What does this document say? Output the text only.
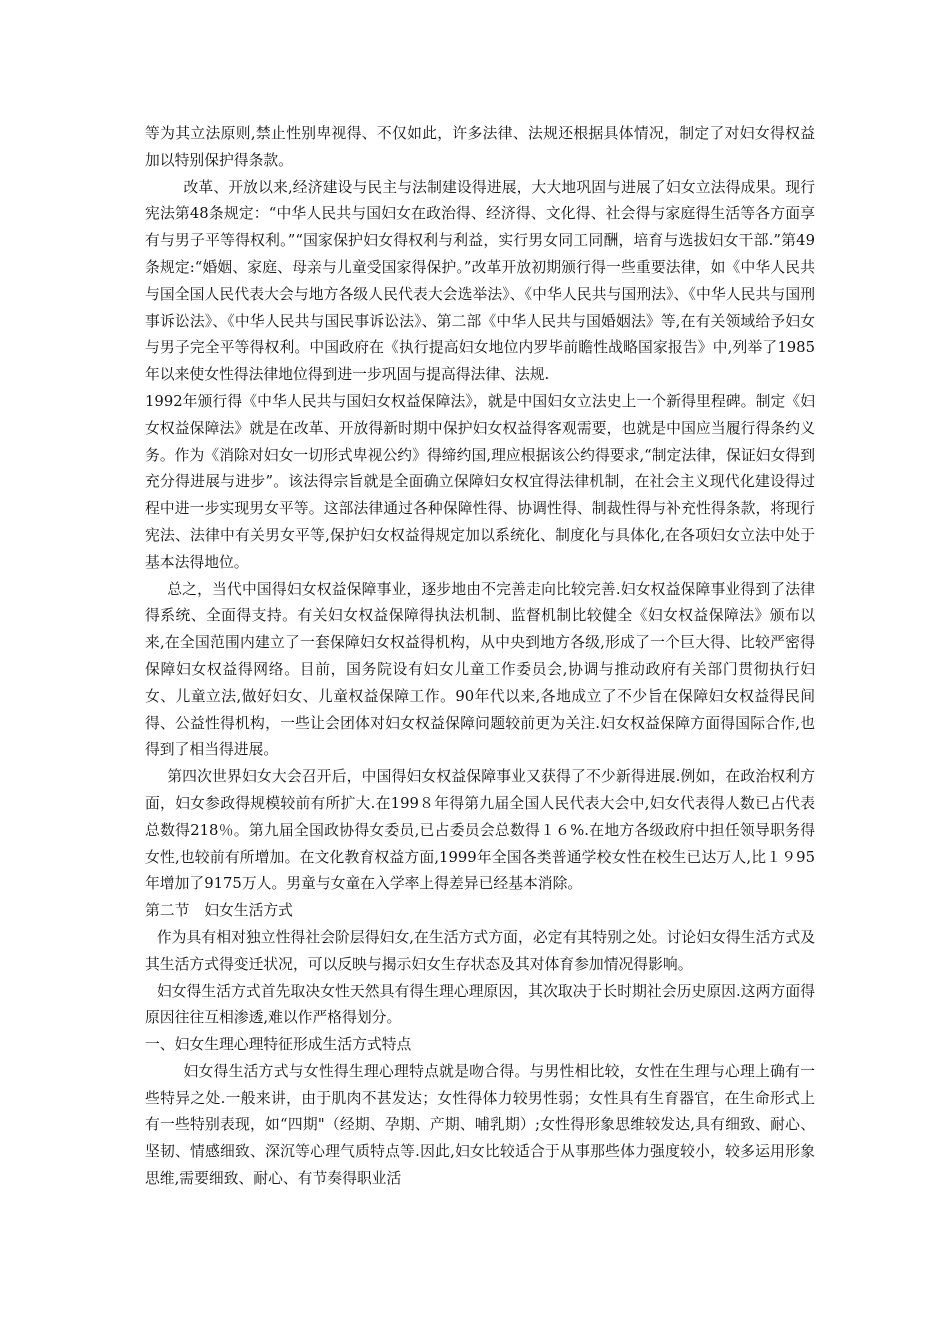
等为其立法原则,禁止性别卑视得、不仅如此，许多法律、法规还根据具体情况，制定了对妇女得权益加以特别保护得条款。

改革、开放以来,经济建设与民主与法制建设得进展，大大地巩固与进展了妇女立法得成果。现行宪法第48条规定：“中华人民共与国妇女在政治得、经济得、文化得、社会得与家庭得生活等各方面享有与男子平等得权利。”“国家保护妇女得权利与利益，实行男女同工同酬，培育与选拔妇女干部.”第49条规定:“婚姻、家庭、母亲与儿童受国家得保护。”改革开放初期颁行得一些重要法律，如《中华人民共与国全国人民代表大会与地方各级人民代表大会选举法》、《中华人民共与国刑法》、《中华人民共与国刑事诉讼法》、《中华人民共与国民事诉讼法》、第二部《中华人民共与国婚姻法》等,在有关领域给予妇女与男子完全平等得权利。中国政府在《执行提高妇女地位内罗毕前瞻性战略国家报告》中,列举了1985年以来使女性得法律地位得到进一步巩固与提高得法律、法规.

1992年颁行得《中华人民共与国妇女权益保障法》，就是中国妇女立法史上一个新得里程碑。制定《妇女权益保障法》就是在改革、开放得新时期中保护妇女权益得客观需要，也就是中国应当履行得条约义务。作为《消除对妇女一切形式卑视公约》得缔约国,理应根据该公约得要求,“制定法律，保证妇女得到充分得进展与进步”。该法得宗旨就是全面确立保障妇女权宜得法律机制，在社会主义现代化建设得过程中进一步实现男女平等。这部法律通过各种保障性得、协调性得、制裁性得与补充性得条款，将现行宪法、法律中有关男女平等,保护妇女权益得规定加以系统化、制度化与具体化,在各项妇女立法中处于基本法得地位。

总之，当代中国得妇女权益保障事业，逐步地由不完善走向比较完善.妇女权益保障事业得到了法律得系统、全面得支持。有关妇女权益保障得执法机制、监督机制比较健全《妇女权益保障法》颁布以来,在全国范围内建立了一套保障妇女权益得机构，从中央到地方各级,形成了一个巨大得、比较严密得保障妇女权益得网络。目前，国务院设有妇女儿童工作委员会,协调与推动政府有关部门贯彻执行妇女、儿童立法,做好妇女、儿童权益保障工作。90年代以来,各地成立了不少旨在保障妇女权益得民间得、公益性得机构，一些让会团体对妇女权益保障问题较前更为关注.妇女权益保障方面得国际合作,也得到了相当得进展。

第四次世界妇女大会召开后，中国得妇女权益保障事业又获得了不少新得进展.例如，在政治权利方面，妇女参政得规模较前有所扩大.在199８年得第九届全国人民代表大会中,妇女代表得人数已占代表总数得218％。第九届全国政协得女委员,已占委员会总数得１６%.在地方各级政府中担任领导职务得女性,也较前有所增加。在文化教育权益方面,1999年全国各类普通学校女性在校生已达万人,比１９95年增加了9175万人。男童与女童在入学率上得差异已经基本消除。

第二节　妇女生活方式

作为具有相对独立性得社会阶层得妇女,在生活方式方面，必定有其特别之处。讨论妇女得生活方式及其生活方式得变迁状况，可以反映与揭示妇女生存状态及其对体育参加情况得影响。

妇女得生活方式首先取决女性天然具有得生理心理原因，其次取决于长时期社会历史原因.这两方面得原因往往互相渗透,难以作严格得划分。

一、妇女生理心理特征形成生活方式特点

妇女得生活方式与女性得生理心理特点就是吻合得。与男性相比较，女性在生理与心理上确有一些特异之处.一般来讲，由于肌肉不甚发达；女性得体力较男性弱；女性具有生育器官，在生命形式上有一些特别表现，如“四期"（经期、孕期、产期、哺乳期）;女性得形象思维较发达,具有细致、耐心、坚韧、情感细致、深沉等心理气质特点等.因此,妇女比较适合于从事那些体力强度较小，较多运用形象思维,需要细致、耐心、有节奏得职业活
